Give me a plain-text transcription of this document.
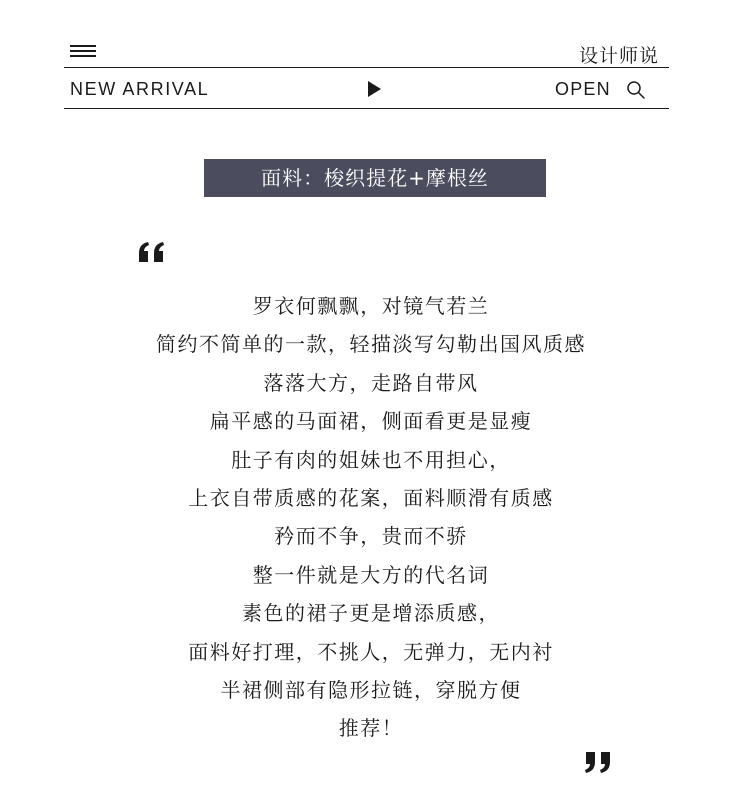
设计师说
NEW ARRIVAL	OPEN
面料：梭织提花+摩根丝
罗衣何飘飘，对镜气若兰
简约不简单的一款，轻描淡写勾勒出国风质感
落落大方，走路自带风
扁平感的马面裙，侧面看更是显瘦
肚子有肉的姐妹也不用担心，
上衣自带质感的花案，面料顺滑有质感
矜而不争，贵而不骄
整一件就是大方的代名词
素色的裙子更是增添质感，
面料好打理，不挑人，无弹力，无内衬
半裙侧部有隐形拉链，穿脱方便
推荐！
